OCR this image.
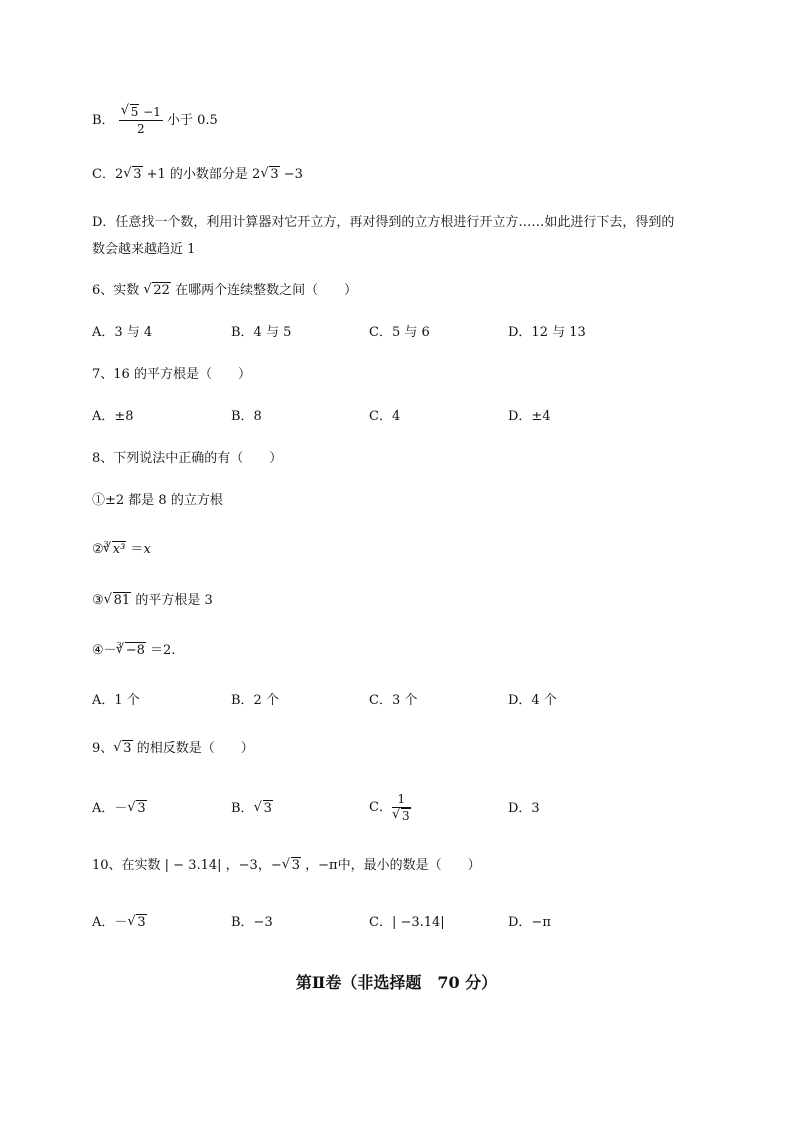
B． √ $\frac{5 -1}{2}$ 小于 0.5
C．2 √ 3 +1 的小数部分是 2 √ 3 −3
D．任意找一个数，利用计算器对它开立方，再对得到的立方根进行开立方……如此进行下去，得到的
数会越来越趋近 1
6、实数 √ 22 在哪两个连续整数之间（　　）
A．3 与 4	B．4 与 5	C．5 与 6	D．12 与 13
7、16 的平方根是（　　）
A．±8	B．8	C．4	D．±4
8、下列说法中正确的有（　　）
①±2 都是 8 的立方根
②$^3$ √ x³ ＝x
③ √ 81 的平方根是 3
④－$^3$ √ −8 ＝2.
A．1 个	B．2 个	C．3 个	D．4 个
9、 √ 3 的相反数是（　　）
A．－ √ 3	B． √ 3	C． 1
√ 3	D．3
10、在实数 | − 3.14| ，−3，− √ 3 ，−π中，最小的数是（　　）
A．－ √ 3	B．−3	C．| −3.14|	D．−π
第Ⅱ卷（非选择题　70 分）
